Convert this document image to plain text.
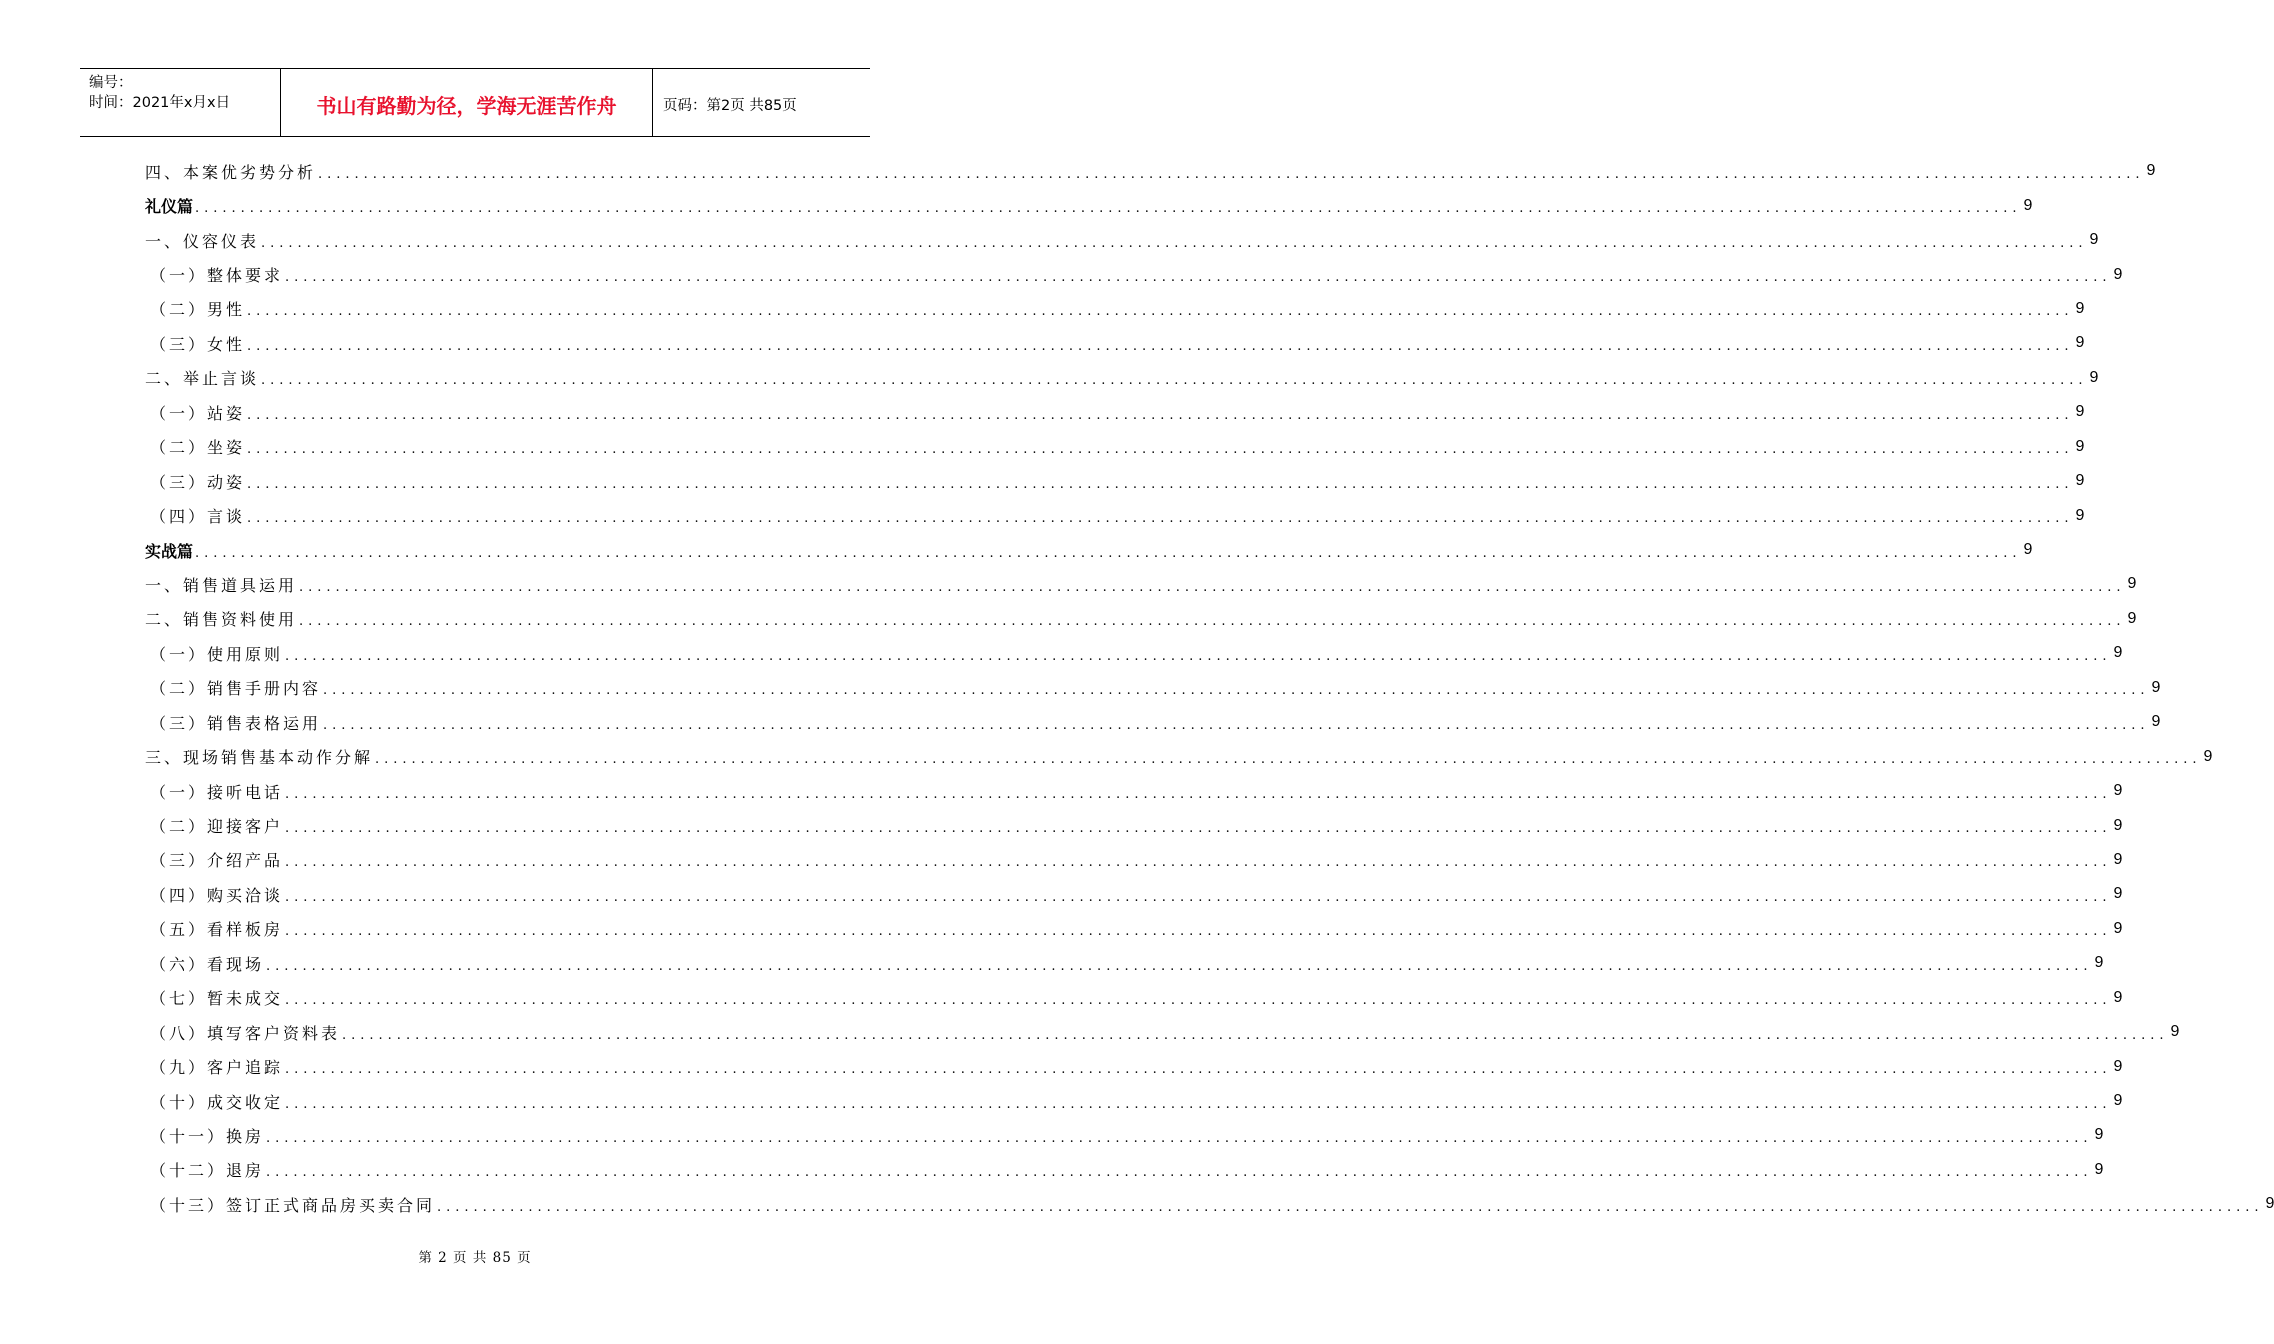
编号：
时间：2021年x月x日	书山有路勤为径，学海无涯苦作舟	页码：第2页 共85页
四、本案优劣势分析 ........................................................................................................................................................................................................ 9
礼仪篇 ........................................................................................................................................................................................................ 9
一、仪容仪表 ........................................................................................................................................................................................................ 9
（一）整体要求 ........................................................................................................................................................................................................ 9
（二）男性 ........................................................................................................................................................................................................ 9
（三）女性 ........................................................................................................................................................................................................ 9
二、举止言谈 ........................................................................................................................................................................................................ 9
（一）站姿 ........................................................................................................................................................................................................ 9
（二）坐姿 ........................................................................................................................................................................................................ 9
（三）动姿 ........................................................................................................................................................................................................ 9
（四）言谈 ........................................................................................................................................................................................................ 9
实战篇 ........................................................................................................................................................................................................ 9
一、销售道具运用 ........................................................................................................................................................................................................ 9
二、销售资料使用 ........................................................................................................................................................................................................ 9
（一）使用原则 ........................................................................................................................................................................................................ 9
（二）销售手册内容 ........................................................................................................................................................................................................ 9
（三）销售表格运用 ........................................................................................................................................................................................................ 9
三、现场销售基本动作分解 ........................................................................................................................................................................................................ 9
（一）接听电话 ........................................................................................................................................................................................................ 9
（二）迎接客户 ........................................................................................................................................................................................................ 9
（三）介绍产品 ........................................................................................................................................................................................................ 9
（四）购买洽谈 ........................................................................................................................................................................................................ 9
（五）看样板房 ........................................................................................................................................................................................................ 9
（六）看现场 ........................................................................................................................................................................................................ 9
（七）暂未成交 ........................................................................................................................................................................................................ 9
（八）填写客户资料表 ........................................................................................................................................................................................................ 9
（九）客户追踪 ........................................................................................................................................................................................................ 9
（十）成交收定 ........................................................................................................................................................................................................ 9
（十一）换房 ........................................................................................................................................................................................................ 9
（十二）退房 ........................................................................................................................................................................................................ 9
（十三）签订正式商品房买卖合同 ........................................................................................................................................................................................................ 9
第 2 页 共 85 页
